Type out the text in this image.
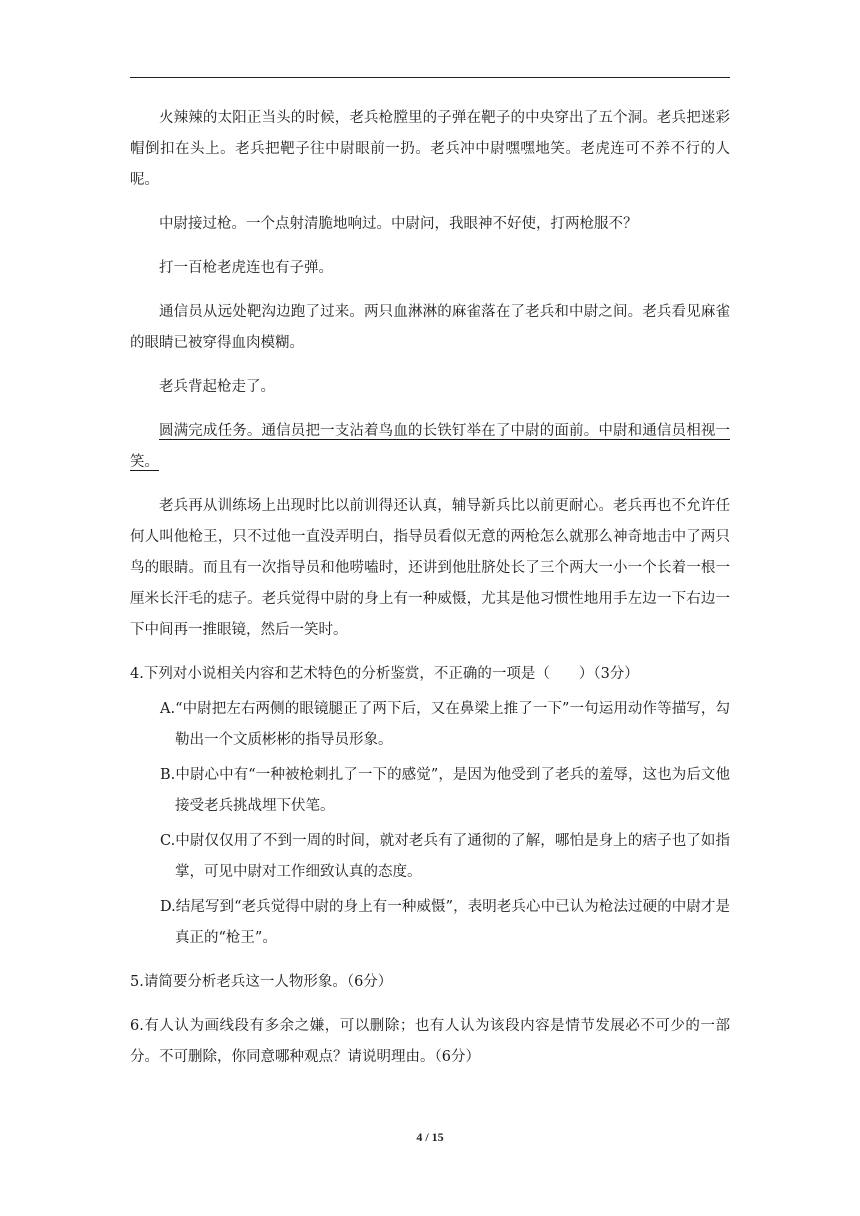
火辣辣的太阳正当头的时候，老兵枪膛里的子弹在靶子的中央穿出了五个洞。老兵把迷彩帽倒扣在头上。老兵把靶子往中尉眼前一扔。老兵冲中尉嘿嘿地笑。老虎连可不养不行的人呢。

中尉接过枪。一个点射清脆地响过。中尉问，我眼神不好使，打两枪服不？

打一百枪老虎连也有子弹。

通信员从远处靶沟边跑了过来。两只血淋淋的麻雀落在了老兵和中尉之间。老兵看见麻雀的眼睛已被穿得血肉模糊。

老兵背起枪走了。

圆满完成任务。通信员把一支沾着鸟血的长铁钉举在了中尉的面前。中尉和通信员相视一笑。

老兵再从训练场上出现时比以前训得还认真，辅导新兵比以前更耐心。老兵再也不允许任何人叫他枪王，只不过他一直没弄明白，指导员看似无意的两枪怎么就那么神奇地击中了两只鸟的眼睛。而且有一次指导员和他唠嗑时，还讲到他肚脐处长了三个两大一小一个长着一根一厘米长汗毛的痣子。老兵觉得中尉的身上有一种威慑，尤其是他习惯性地用手左边一下右边一下中间再一推眼镜，然后一笑时。

4.下列对小说相关内容和艺术特色的分析鉴赏，不正确的一项是（　　）（3分）

A.“中尉把左右两侧的眼镜腿正了两下后，又在鼻梁上推了一下”一句运用动作等描写，勾勒出一个文质彬彬的指导员形象。

B.中尉心中有“一种被枪刺扎了一下的感觉”，是因为他受到了老兵的羞辱，这也为后文他接受老兵挑战埋下伏笔。

C.中尉仅仅用了不到一周的时间，就对老兵有了通彻的了解，哪怕是身上的痞子也了如指掌，可见中尉对工作细致认真的态度。

D.结尾写到“老兵觉得中尉的身上有一种威慑”，表明老兵心中已认为枪法过硬的中尉才是真正的“枪王”。

5.请简要分析老兵这一人物形象。（6分）

6.有人认为画线段有多余之嫌，可以删除；也有人认为该段内容是情节发展必不可少的一部分。不可删除，你同意哪种观点？请说明理由。（6分）

4 / 15
